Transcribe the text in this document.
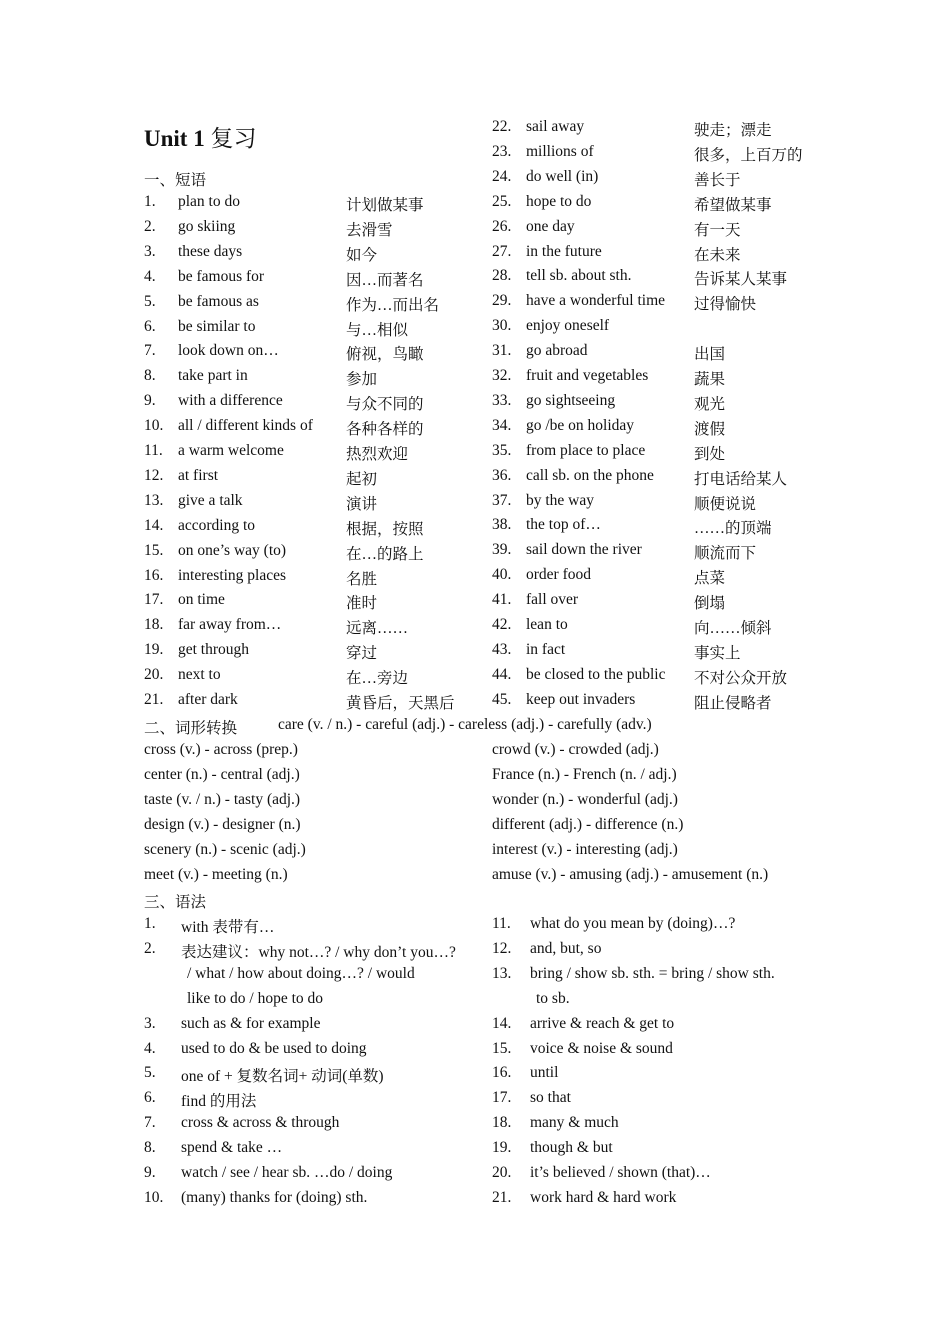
Unit 1 复习
一、短语
1. plan to do	计划做某事
2. go skiing	去滑雪
3. these days	如今
4. be famous for	因…而著名
5. be famous as	作为…而出名
6. be similar to	与…相似
7. look down on…	俯视，鸟瞰
8. take part in	参加
9. with a difference	与众不同的
10. all / different kinds of 各种各样的
11. a warm welcome	热烈欢迎
12. at first	起初
13. give a talk	演讲
14. according to	根据，按照
15. on one’s way (to)	在…的路上
16. interesting places	名胜
17. on time	准时
18. far away from…	远离……
19. get through	穿过
20. next to	在…旁边
21. after dark	黄昏后，天黑后
22. sail away	驶走；漂走
23. millions of	很多，上百万的
24. do well (in)	善长于
25. hope to do	希望做某事
26. one day	有一天
27. in the future	在未来
28. tell sb. about sth.	告诉某人某事
29. have a wonderful time 过得愉快
30. enjoy oneself
31. go abroad	出国
32. fruit and vegetables	蔬果
33. go sightseeing	观光
34. go /be on holiday	渡假
35. from place to place	到处
36. call sb. on the phone	打电话给某人
37. by the way	顺便说说
38. the top of…	……的顶端
39. sail down the river	顺流而下
40. order food	点菜
41. fall over	倒塌
42. lean to	向……倾斜
43. in fact	事实上
44. be closed to the public 不对公众开放
45. keep out invaders	阻止侵略者
二、词形转换	care (v. / n.) - careful (adj.) - careless (adj.) - carefully (adv.)
cross (v.) - across (prep.)
center (n.) - central (adj.)
taste (v. / n.) - tasty (adj.)
design (v.) - designer (n.)
scenery (n.) - scenic (adj.)
meet (v.) - meeting (n.)
crowd (v.) - crowded (adj.)
France (n.) - French (n. / adj.)
wonder (n.) - wonderful (adj.)
different (adj.) - difference (n.)
interest (v.) - interesting (adj.)
amuse (v.) - amusing (adj.) - amusement (n.)
三、语法
1. with 表带有…
2. 表达建议：why not…? / why don’t you…?
/ what / how about doing…? / would
like to do / hope to do
3. such as & for example
4. used to do & be used to doing
5. one of + 复数名词+ 动词(单数)
6. find 的用法
7. cross & across & through
8. spend & take …
9. watch / see / hear sb. …do / doing
10. (many) thanks for (doing) sth.
11. what do you mean by (doing)…?
12. and, but, so
13. bring / show sb. sth. = bring / show sth.
to sb.
14. arrive & reach & get to
15. voice & noise & sound
16. until
17. so that
18. many & much
19. though & but
20. it’s believed / shown (that)…
21. work hard & hard work
